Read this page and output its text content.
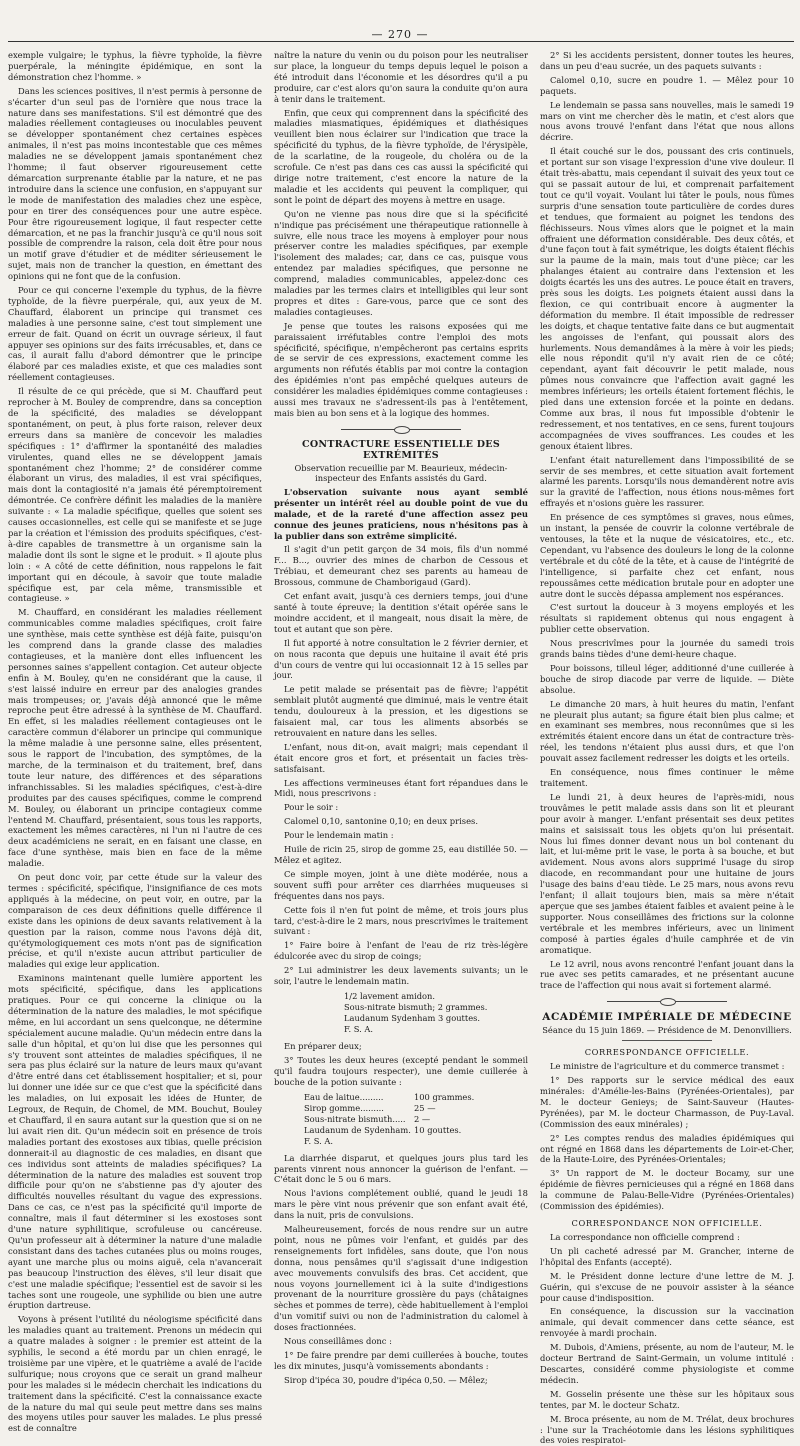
— 270 —

exemple vulgaire; le typhus, la fièvre typhoïde, la fièvre puerpérale, la méningite épidémique, en sont la démonstration chez l'homme. »

Dans les sciences positives, il n'est permis à personne de s'écarter d'un seul pas de l'ornière que nous trace la nature dans ses manifestations. S'il est démontré que des maladies réellement contagieuses ou inoculables peuvent se développer spontanément chez certaines espèces animales, il n'est pas moins incontestable que ces mêmes maladies ne se développent jamais spontanément chez l'homme; il faut observer rigoureusement cette démarcation surprenante établie par la nature, et ne pas introduire dans la science une confusion, en s'appuyant sur le mode de manifestation des maladies chez une espèce, pour en tirer des conséquences pour une autre espèce. Pour être rigoureusement logique, il faut respecter cette démarcation, et ne pas la franchir jusqu'à ce qu'il nous soit possible de comprendre la raison, cela doit être pour nous un motif grave d'étudier et de méditer sérieusement le sujet, mais non de trancher la question, en émettant des opinions qui ne font que de la confusion.

Pour ce qui concerne l'exemple du typhus, de la fièvre typhoïde, de la fièvre puerpérale, qui, aux yeux de M. Chauffard, élaborent un principe qui transmet ces maladies à une personne saine, c'est tout simplement une erreur de fait. Quand on écrit un ouvrage sérieux, il faut appuyer ses opinions sur des faits irrécusables, et, dans ce cas, il aurait fallu d'abord démontrer que le principe élaboré par ces maladies existe, et que ces maladies sont réellement contagieuses.

Il résulte de ce qui précède, que si M. Chauffard peut reprocher à M. Bouley de comprendre, dans sa conception de la spécificité, des maladies se développant spontanément, on peut, à plus forte raison, relever deux erreurs dans sa manière de concevoir les maladies spécifiques : 1° d'affirmer la spontanéité des maladies virulentes, quand elles ne se développent jamais spontanément chez l'homme; 2° de considérer comme élaborant un virus, des maladies, il est vrai spécifiques, mais dont la contagiosité n'a jamais été péremptoirement démontrée. Ce confrère définit les maladies de la manière suivante : « La maladie spécifique, quelles que soient ses causes occasionnelles, est celle qui se manifeste et se juge par la création et l'émission des produits spécifiques, c'est-à-dire capables de transmettre à un organisme sain la maladie dont ils sont le signe et le produit. » Il ajoute plus loin : « A côté de cette définition, nous rappelons le fait important qui en découle, à savoir que toute maladie spécifique est, par cela même, transmissible et contagieuse. »

M. Chauffard, en considérant les maladies réellement communicables comme maladies spécifiques, croit faire une synthèse, mais cette synthèse est déjà faite, puisqu'on les comprend dans la grande classe des maladies contagieuses, et la manière dont elles influencent les personnes saines s'appellent contagion. Cet auteur objecte enfin à M. Bouley, qu'en ne considérant que la cause, il s'est laissé induire en erreur par des analogies grandes mais trompeuses; or, j'avais déjà annoncé que le même reproche peut être adressé à la synthèse de M. Chauffard. En effet, si les maladies réellement contagieuses ont le caractère commun d'élaborer un principe qui communique la même maladie à une personne saine, elles présentent, sous le rapport de l'incubation, des symptômes, de la marche, de la terminaison et du traitement, bref, dans toute leur nature, des différences et des séparations infranchissables. Si les maladies spécifiques, c'est-à-dire produites par des causes spécifiques, comme le comprend M. Bouley, ou élaborant un principe contagieux comme l'entend M. Chauffard, présentaient, sous tous les rapports, exactement les mêmes caractères, ni l'un ni l'autre de ces deux académiciens ne serait, en en faisant une classe, en face d'une synthèse, mais bien en face de la même maladie.

On peut donc voir, par cette étude sur la valeur des termes : spécificité, spécifique, l'insignifiance de ces mots appliqués à la médecine, on peut voir, en outre, par la comparaison de ces deux définitions quelle différence il existe dans les opinions de deux savants relativement à la question par la raison, comme nous l'avons déjà dit, qu'étymologiquement ces mots n'ont pas de signification précise, et qu'il n'existe aucun attribut particulier de maladies qui exige leur application.

Examinons maintenant quelle lumière apportent les mots spécificité, spécifique, dans les applications pratiques. Pour ce qui concerne la clinique ou la détermination de la nature des maladies, le mot spécifique même, en lui accordant un sens quelconque, ne détermine spécialement aucune maladie. Qu'un médecin entre dans la salle d'un hôpital, et qu'on lui dise que les personnes qui s'y trouvent sont atteintes de maladies spécifiques, il ne sera pas plus éclairé sur la nature de leurs maux qu'avant d'être entré dans cet établissement hospitalier; et si, pour lui donner une idée sur ce que c'est que la spécificité dans les maladies, on lui exposait les idées de Hunter, de Legroux, de Requin, de Chomel, de MM. Bouchut, Bouley et Chauffard, il en saura autant sur la question que si on ne lui avait rien dit. Qu'un médecin soit en présence de trois maladies portant des exostoses aux tibias, quelle précision donnerait-il au diagnostic de ces maladies, en disant que ces individus sont atteints de maladies spécifiques? La détermination de la nature des maladies est souvent trop difficile pour qu'on ne s'abstienne pas d'y ajouter des difficultés nouvelles résultant du vague des expressions. Dans ce cas, ce n'est pas la spécificité qu'il importe de connaître, mais il faut déterminer si les exostoses sont d'une nature syphilitique, scrofuleuse ou cancéreuse. Qu'un professeur ait à déterminer la nature d'une maladie consistant dans des taches cutanées plus ou moins rouges, ayant une marche plus ou moins aiguë, cela n'avancerait pas beaucoup l'instruction des élèves, s'il leur disait que c'est une maladie spécifique; l'essentiel est de savoir si les taches sont une rougeole, une syphilide ou bien une autre éruption dartreuse.

Voyons à présent l'utilité du néologisme spécificité dans les maladies quant au traitement. Prenons un médecin qui a quatre malades à soigner : le premier est atteint de la syphilis, le second a été mordu par un chien enragé, le troisième par une vipère, et le quatrième a avalé de l'acide sulfurique; nous croyons que ce serait un grand malheur pour les malades si le médecin cherchait les indications du traitement dans la spécificité. C'est la connaissance exacte de la nature du mal qui seule peut mettre dans ses mains des moyens utiles pour sauver les malades. Le plus pressé est de connaître

naître la nature du venin ou du poison pour les neutraliser sur place, la longueur du temps depuis lequel le poison a été introduit dans l'économie et les désordres qu'il a pu produire, car c'est alors qu'on saura la conduite qu'on aura à tenir dans le traitement.

Enfin, que ceux qui comprennent dans la spécificité des maladies miasmatiques, épidémiques et diathésiques veuillent bien nous éclairer sur l'indication que trace la spécificité du typhus, de la fièvre typhoïde, de l'érysipèle, de la scarlatine, de la rougeole, du choléra ou de la scrofule. Ce n'est pas dans ces cas aussi la spécificité qui dirige notre traitement, c'est encore la nature de la maladie et les accidents qui peuvent la compliquer, qui sont le point de départ des moyens à mettre en usage.

Qu'on ne vienne pas nous dire que si la spécificité n'indique pas précisément une thérapeutique rationnelle à suivre, elle nous trace les moyens à employer pour nous préserver contre les maladies spécifiques, par exemple l'isolement des malades; car, dans ce cas, puisque vous entendez par maladies spécifiques, que personne ne comprend, maladies communicables, appelez-donc ces maladies par les termes clairs et intelligibles qui leur sont propres et dites : Gare-vous, parce que ce sont des maladies contagieuses.

Je pense que toutes les raisons exposées qui me paraissaient irréfutables contre l'emploi des mots spécificité, spécifique, n'empêcheront pas certains esprits de se servir de ces expressions, exactement comme les arguments non réfutés établis par moi contre la contagion des épidémies n'ont pas empêché quelques auteurs de considérer les maladies épidémiques comme contagieuses : aussi mes travaux ne s'adressent-ils pas à l'entêtement, mais bien au bon sens et à la logique des hommes.

CONTRACTURE ESSENTIELLE DES EXTRÉMITÉS
Observation recueillie par M. Beaurieux, médecin-inspecteur des Enfants assistés du Gard.

L'observation suivante nous ayant semblé présenter un intérêt réel au double point de vue du malade, et de la rareté d'une affection assez peu connue des jeunes praticiens, nous n'hésitons pas à la publier dans son extrême simplicité.

Il s'agit d'un petit garçon de 34 mois, fils d'un nommé F... B..., ouvrier des mines de charbon de Cessous et Trébiau, et demeurant chez ses parents au hameau de Brossous, commune de Chamborigaud (Gard).

Cet enfant avait, jusqu'à ces derniers temps, joui d'une santé à toute épreuve; la dentition s'était opérée sans le moindre accident, et il mangeait, nous disait la mère, de tout et autant que son père.

Il fut apporté à notre consultation le 2 février dernier, et on nous raconta que depuis une huitaine il avait été pris d'un cours de ventre qui lui occasionnait 12 à 15 selles par jour.

Le petit malade se présentait pas de fièvre; l'appétit semblait plutôt augmenté que diminué, mais le ventre était tendu, douloureux à la pression, et les digestions se faisaient mal, car tous les aliments absorbés se retrouvaient en nature dans les selles.

L'enfant, nous dit-on, avait maigri; mais cependant il était encore gros et fort, et présentait un facies très-satisfaisant.

Les affections vermineuses étant fort répandues dans le Midi, nous prescrivons :

Pour le soir :

Calomel 0,10, santonine 0,10; en deux prises.

Pour le lendemain matin :

Huile de ricin 25, sirop de gomme 25, eau distillée 50. — Mêlez et agitez.

Ce simple moyen, joint à une diète modérée, nous a souvent suffi pour arrêter ces diarrhées muqueuses si fréquentes dans nos pays.

Cette fois il n'en fut point de même, et trois jours plus tard, c'est-à-dire le 2 mars, nous prescrivîmes le traitement suivant :

1° Faire boire à l'enfant de l'eau de riz très-légère édulcorée avec du sirop de coings;

2° Lui administrer les deux lavements suivants; un le soir, l'autre le lendemain matin.

1/2 lavement amidon.
Sous-nitrate bismuth; 2 grammes.
Laudanum Sydenham 3 gouttes.
F. S. A.

En préparer deux;

3° Toutes les deux heures (excepté pendant le sommeil qu'il faudra toujours respecter), une demie cuillerée à bouche de la potion suivante :

Eau de laitue.........	100 grammes.
Sirop gomme.........	25 —
Sous-nitrate bismuth.....	2 —
Laudanum de Sydenham. 10 gouttes.
F. S. A.

La diarrhée disparut, et quelques jours plus tard les parents vinrent nous annoncer la guérison de l'enfant. — C'était donc le 5 ou 6 mars.

Nous l'avions complétement oublié, quand le jeudi 18 mars le père vint nous prévenir que son enfant avait été, dans la nuit, pris de convulsions.

Malheureusement, forcés de nous rendre sur un autre point, nous ne pûmes voir l'enfant, et guidés par des renseignements fort infidèles, sans doute, que l'on nous donna, nous pensâmes qu'il s'agissait d'une indigestion avec mouvements convulsifs des bras. Cet accident, que nous voyons journellement ici à la suite d'indigestions provenant de la nourriture grossière du pays (châtaignes sèches et pommes de terre), cède habituellement à l'emploi d'un vomitif suivi ou non de l'administration du calomel à doses fractionnées.

Nous conseillâmes donc :

1° De faire prendre par demi cuillerées à bouche, toutes les dix minutes, jusqu'à vomissements abondants :

Sirop d'ipéca 30, poudre d'ipéca 0,50. — Mêlez;

2° Si les accidents persistent, donner toutes les heures, dans un peu d'eau sucrée, un des paquets suivants :

Calomel 0,10, sucre en poudre 1. — Mêlez pour 10 paquets.

Le lendemain se passa sans nouvelles, mais le samedi 19 mars on vint me chercher dès le matin, et c'est alors que nous avons trouvé l'enfant dans l'état que nous allons décrire.

Il était couché sur le dos, poussant des cris continuels, et portant sur son visage l'expression d'une vive douleur. Il était très-abattu, mais cependant il suivait des yeux tout ce qui se passait autour de lui, et comprenait parfaitement tout ce qu'il voyait. Voulant lui tâter le pouls, nous fûmes surpris d'une sensation toute particulière de cordes dures et tendues, que formaient au poignet les tendons des fléchisseurs. Nous vîmes alors que le poignet et la main offraient une déformation considérable. Des deux côtés, et d'une façon tout à fait symétrique, les doigts étaient fléchis sur la paume de la main, mais tout d'une pièce; car les phalanges étaient au contraire dans l'extension et les doigts écartés les uns des autres. Le pouce était en travers, près sous les doigts. Les poignets étaient aussi dans la flexion, ce qui contribuait encore à augmenter la déformation du membre. Il était impossible de redresser les doigts, et chaque tentative faite dans ce but augmentait les angoisses de l'enfant, qui poussait alors des hurlements. Nous demandâmes à la mère à voir les pieds; elle nous répondit qu'il n'y avait rien de ce côté; cependant, ayant fait découvrir le petit malade, nous pûmes nous convaincre que l'affection avait gagné les membres inférieurs; les orteils étaient fortement fléchis, le pied dans une extension forcée et la pointe en dedans. Comme aux bras, il nous fut impossible d'obtenir le redressement, et nos tentatives, en ce sens, furent toujours accompagnées de vives souffrances. Les coudes et les genoux étaient libres.

L'enfant était naturellement dans l'impossibilité de se servir de ses membres, et cette situation avait fortement alarmé les parents. Lorsqu'ils nous demandèrent notre avis sur la gravité de l'affection, nous étions nous-mêmes fort effrayés et n'osions guère les rassurer.

En présence de ces symptômes si graves, nous eûmes, un instant, la pensée de couvrir la colonne vertébrale de ventouses, la tête et la nuque de vésicatoires, etc., etc. Cependant, vu l'absence des douleurs le long de la colonne vertébrale et du côté de la tête, et à cause de l'intégrité de l'intelligence, si parfaite chez cet enfant, nous repoussâmes cette médication brutale pour en adopter une autre dont le succès dépassa amplement nos espérances.

C'est surtout la douceur à 3 moyens employés et les résultats si rapidement obtenus qui nous engagent à publier cette observation.

Nous prescrivîmes pour la journée du samedi trois grands bains tièdes d'une demi-heure chaque.

Pour boissons, tilleul léger, additionné d'une cuillerée à bouche de sirop diacode par verre de liquide. — Diète absolue.

Le dimanche 20 mars, à huit heures du matin, l'enfant ne pleurait plus autant; sa figure était bien plus calme; et en examinant ses membres, nous reconnûmes que si les extrémités étaient encore dans un état de contracture très-réel, les tendons n'étaient plus aussi durs, et que l'on pouvait assez facilement redresser les doigts et les orteils.

En conséquence, nous fîmes continuer le même traitement.

Le lundi 21, à deux heures de l'après-midi, nous trouvâmes le petit malade assis dans son lit et pleurant pour avoir à manger. L'enfant présentait ses deux petites mains et saisissait tous les objets qu'on lui présentait. Nous lui fîmes donner devant nous un bol contenant du lait, et lui-même prit le vase, le porta à sa bouche, et but avidement. Nous avons alors supprimé l'usage du sirop diacode, en recommandant pour une huitaine de jours l'usage des bains d'eau tiède. Le 25 mars, nous avons revu l'enfant; il allait toujours bien, mais sa mère n'était aperçue que ses jambes étaient faibles et avaient peine à le supporter. Nous conseillâmes des frictions sur la colonne vertébrale et les membres inférieurs, avec un liniment composé à parties égales d'huile camphrée et de vin aromatique.

Le 12 avril, nous avons rencontré l'enfant jouant dans la rue avec ses petits camarades, et ne présentant aucune trace de l'affection qui nous avait si fortement alarmé.

ACADÉMIE IMPÉRIALE DE MÉDECINE
Séance du 15 juin 1869. — Présidence de M. Denonvilliers.
CORRESPONDANCE OFFICIELLE.

Le ministre de l'agriculture et du commerce transmet :

1° Des rapports sur le service médical des eaux minérales: d'Amélie-les-Bains (Pyrénées-Orientales), par M. le docteur Genieys; de Saint-Sauveur (Hautes-Pyrénées), par M. le docteur Charmasson, de Puy-Laval. (Commission des eaux minérales) ;

2° Les comptes rendus des maladies épidémiques qui ont régné en 1868 dans les départements de Loir-et-Cher, de la Haute-Loire, des Pyrénées-Orientales;

3° Un rapport de M. le docteur Bocamy, sur une épidémie de fièvres pernicieuses qui a régné en 1868 dans la commune de Palau-Belle-Vidre (Pyrénées-Orientales) (Commission des épidémies).

CORRESPONDANCE NON OFFICIELLE.

La correspondance non officielle comprend :

Un pli cacheté adressé par M. Grancher, interne de l'hôpital des Enfants (accepté).

M. le Président donne lecture d'une lettre de M. J. Guérin, qui s'excuse de ne pouvoir assister à la séance pour cause d'indisposition.

En conséquence, la discussion sur la vaccination animale, qui devait commencer dans cette séance, est renvoyée à mardi prochain.

M. Dubois, d'Amiens, présente, au nom de l'auteur, M. le docteur Bertrand de Saint-Germain, un volume intitulé : Descartes, considéré comme physiologiste et comme médecin.

M. Gosselin présente une thèse sur les hôpitaux sous tentes, par M. le docteur Schatz.

M. Broca présente, au nom de M. Trélat, deux brochures : l'une sur la Trachéotomie dans les lésions syphilitiques des voies respiratoi-
